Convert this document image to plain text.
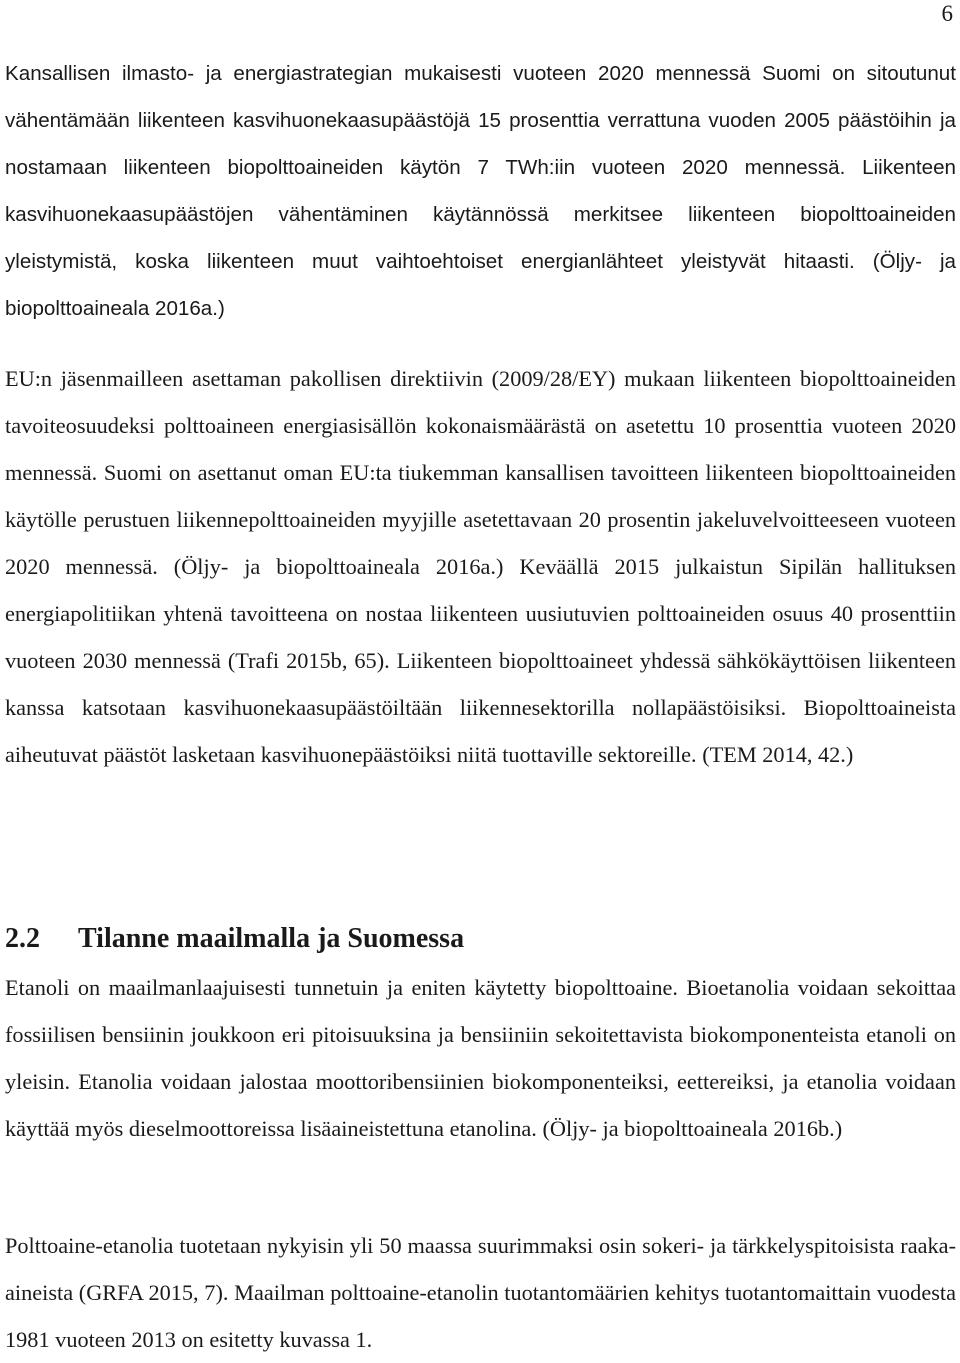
6

Kansallisen ilmasto- ja energiastrategian mukaisesti vuoteen 2020 mennessä Suomi on sitoutunut vähentämään liikenteen kasvihuonekaasupäästöjä 15 prosenttia verrattuna vuoden 2005 päästöihin ja nostamaan liikenteen biopolttoaineiden käytön 7 TWh:iin vuoteen 2020 mennessä. Liikenteen kasvihuonekaasupäästöjen vähentäminen käytännössä merkitsee liikenteen biopolttoaineiden yleistymistä, koska liikenteen muut vaihtoehtoiset energianlähteet yleistyvät hitaasti. (Öljy- ja biopolttoaineala 2016a.)

EU:n jäsenmailleen asettaman pakollisen direktiivin (2009/28/EY) mukaan liikenteen biopolttoaineiden tavoiteosuudeksi polttoaineen energiasisällön kokonaismäärästä on asetettu 10 prosenttia vuoteen 2020 mennessä. Suomi on asettanut oman EU:ta tiukemman kansallisen tavoitteen liikenteen biopolttoaineiden käytölle perustuen liikennepolttoaineiden myyjille asetettavaan 20 prosentin jakeluvelvoitteeseen vuoteen 2020 mennessä. (Öljy- ja biopolttoaineala 2016a.) Keväällä 2015 julkaistun Sipilän hallituksen energiapolitiikan yhtenä tavoitteena on nostaa liikenteen uusiutuvien polttoaineiden osuus 40 prosenttiin vuoteen 2030 mennessä (Trafi 2015b, 65). Liikenteen biopolttoaineet yhdessä sähkökäyttöisen liikenteen kanssa katsotaan kasvihuonekaasupäästöiltään liikennesektorilla nollapäästöisiksi. Biopolttoaineista aiheutuvat päästöt lasketaan kasvihuonepäästöiksi niitä tuottaville sektoreille. (TEM 2014, 42.)

2.2 Tilanne maailmalla ja Suomessa

Etanoli on maailmanlaajuisesti tunnetuin ja eniten käytetty biopolttoaine. Bioetanolia voidaan sekoittaa fossiilisen bensiinin joukkoon eri pitoisuuksina ja bensiiniin sekoitettavista biokomponenteista etanoli on yleisin. Etanolia voidaan jalostaa moottoribensiinien biokomponenteiksi, eettereiksi, ja etanolia voidaan käyttää myös dieselmoottoreissa lisäaineistettuna etanolina. (Öljy- ja biopolttoaineala 2016b.)

Polttoaine-etanolia tuotetaan nykyisin yli 50 maassa suurimmaksi osin sokeri- ja tärkkelyspitoisista raaka-aineista (GRFA 2015, 7). Maailman polttoaine-etanolin tuotantomäärien kehitys tuotantomaittain vuodesta 1981 vuoteen 2013 on esitetty kuvassa 1.
